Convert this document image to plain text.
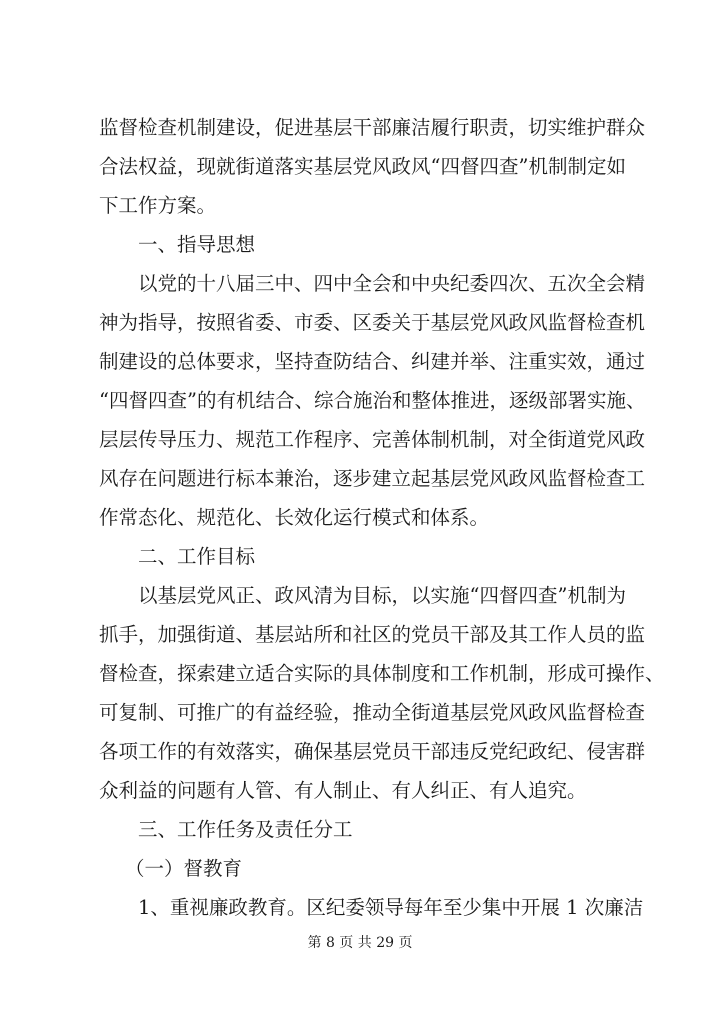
监督检查机制建设，促进基层干部廉洁履行职责，切实维护群众
合法权益，现就街道落实基层党风政风“四督四查”机制制定如
下工作方案。
一、指导思想
以党的十八届三中、四中全会和中央纪委四次、五次全会精
神为指导，按照省委、市委、区委关于基层党风政风监督检查机
制建设的总体要求，坚持查防结合、纠建并举、注重实效，通过
“四督四查”的有机结合、综合施治和整体推进，逐级部署实施、
层层传导压力、规范工作程序、完善体制机制，对全街道党风政
风存在问题进行标本兼治，逐步建立起基层党风政风监督检查工
作常态化、规范化、长效化运行模式和体系。
二、工作目标
以基层党风正、政风清为目标，以实施“四督四查”机制为
抓手，加强街道、基层站所和社区的党员干部及其工作人员的监
督检查，探索建立适合实际的具体制度和工作机制，形成可操作、
可复制、可推广的有益经验，推动全街道基层党风政风监督检查
各项工作的有效落实，确保基层党员干部违反党纪政纪、侵害群
众利益的问题有人管、有人制止、有人纠正、有人追究。
三、工作任务及责任分工
（一）督教育
1、重视廉政教育。区纪委领导每年至少集中开展 1 次廉洁
第 8 页 共 29 页
